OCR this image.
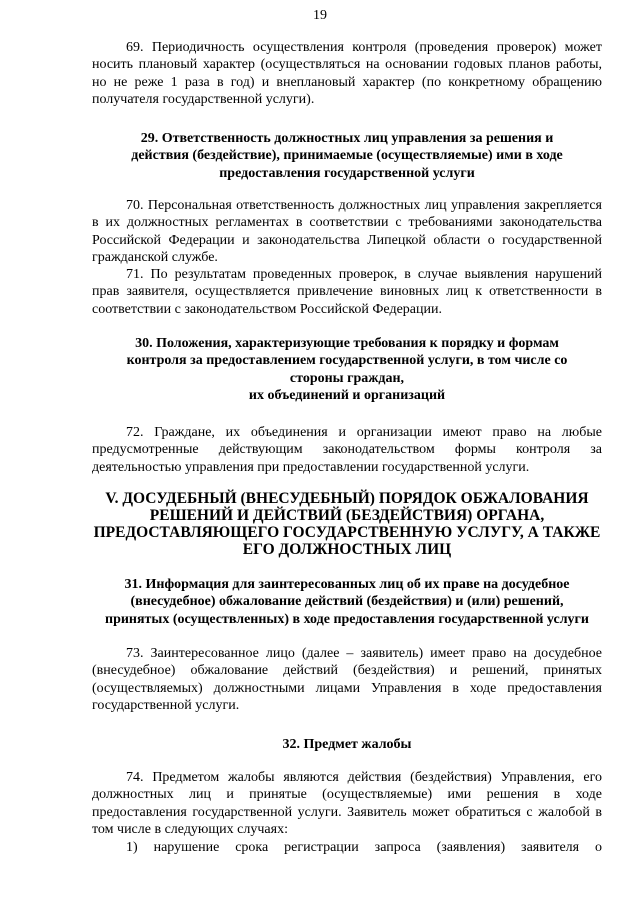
19
69. Периодичность осуществления контроля (проведения проверок) может носить плановый характер (осуществляться на основании годовых планов работы, но не реже 1 раза в год) и внеплановый характер (по конкретному обращению получателя государственной услуги).
29. Ответственность должностных лиц управления за решения и действия (бездействие), принимаемые (осуществляемые) ими в ходе предоставления государственной услуги
70. Персональная ответственность должностных лиц управления закрепляется в их должностных регламентах в соответствии с требованиями законодательства Российской Федерации и законодательства Липецкой области о государственной гражданской службе.
71. По результатам проведенных проверок, в случае выявления нарушений прав заявителя, осуществляется привлечение виновных лиц к ответственности в соответствии с законодательством Российской Федерации.
30. Положения, характеризующие требования к порядку и формам
контроля за предоставлением государственной услуги, в том числе со
стороны граждан,
их объединений и организаций
72. Граждане, их объединения и организации имеют право на любые предусмотренные действующим законодательством формы контроля за деятельностью управления при предоставлении государственной услуги.
V. ДОСУДЕБНЫЙ (ВНЕСУДЕБНЫЙ) ПОРЯДОК ОБЖАЛОВАНИЯ
РЕШЕНИЙ И ДЕЙСТВИЙ (БЕЗДЕЙСТВИЯ) ОРГАНА,
ПРЕДОСТАВЛЯЮЩЕГО ГОСУДАРСТВЕННУЮ УСЛУГУ, А ТАКЖЕ
ЕГО ДОЛЖНОСТНЫХ ЛИЦ
31. Информация для заинтересованных лиц об их праве на досудебное
(внесудебное) обжалование действий (бездействия) и (или) решений,
принятых (осуществленных) в ходе предоставления государственной услуги
73. Заинтересованное лицо (далее – заявитель) имеет право на досудебное (внесудебное) обжалование действий (бездействия) и решений, принятых (осуществляемых) должностными лицами Управления в ходе предоставления государственной услуги.
32. Предмет жалобы
74. Предметом жалобы являются действия (бездействия) Управления, его должностных лиц и принятые (осуществляемые) ими решения в ходе предоставления государственной услуги. Заявитель может обратиться с жалобой в том числе в следующих случаях:
1) нарушение срока регистрации запроса (заявления) заявителя о
